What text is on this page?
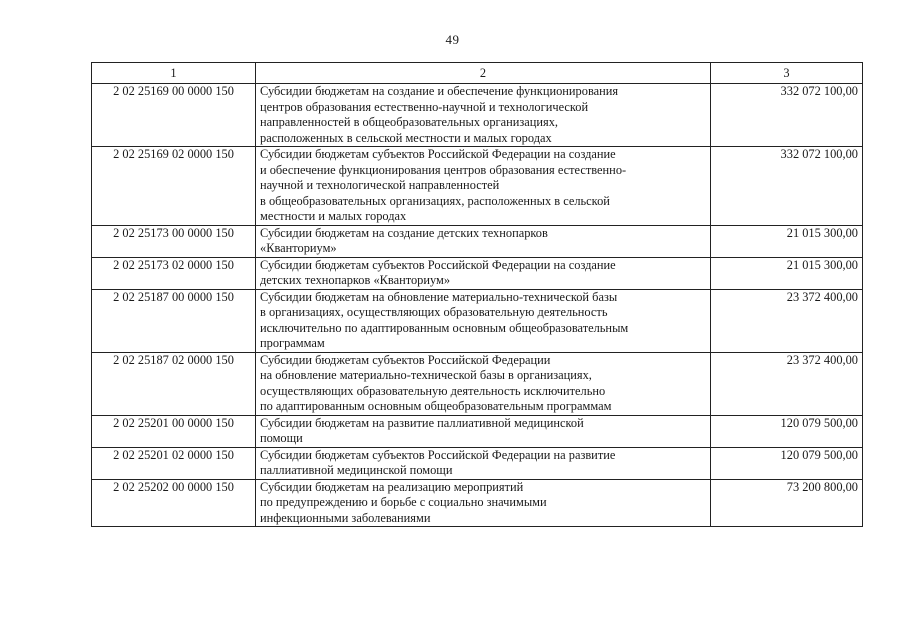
49
1	2	3
2 02 25169 00 0000 150	Субсидии бюджетам на создание и обеспечение функционирования
центров образования естественно-научной и технологической
направленностей в общеобразовательных организациях,
расположенных в сельской местности и малых городах	332 072 100,00
2 02 25169 02 0000 150	Субсидии бюджетам субъектов Российской Федерации на создание
и обеспечение функционирования центров образования естественно-
научной и технологической направленностей
в общеобразовательных организациях, расположенных в сельской
местности и малых городах	332 072 100,00
2 02 25173 00 0000 150	Субсидии бюджетам на создание детских технопарков
«Кванториум»	21 015 300,00
2 02 25173 02 0000 150	Субсидии бюджетам субъектов Российской Федерации на создание
детских технопарков «Кванториум»	21 015 300,00
2 02 25187 00 0000 150	Субсидии бюджетам на обновление материально-технической базы
в организациях, осуществляющих образовательную деятельность
исключительно по адаптированным основным общеобразовательным
программам	23 372 400,00
2 02 25187 02 0000 150	Субсидии бюджетам субъектов Российской Федерации
на обновление материально-технической базы в организациях,
осуществляющих образовательную деятельность исключительно
по адаптированным основным общеобразовательным программам	23 372 400,00
2 02 25201 00 0000 150	Субсидии бюджетам на развитие паллиативной медицинской
помощи	120 079 500,00
2 02 25201 02 0000 150	Субсидии бюджетам субъектов Российской Федерации на развитие
паллиативной медицинской помощи	120 079 500,00
2 02 25202 00 0000 150	Субсидии бюджетам на реализацию мероприятий
по предупреждению и борьбе с социально значимыми
инфекционными заболеваниями	73 200 800,00
